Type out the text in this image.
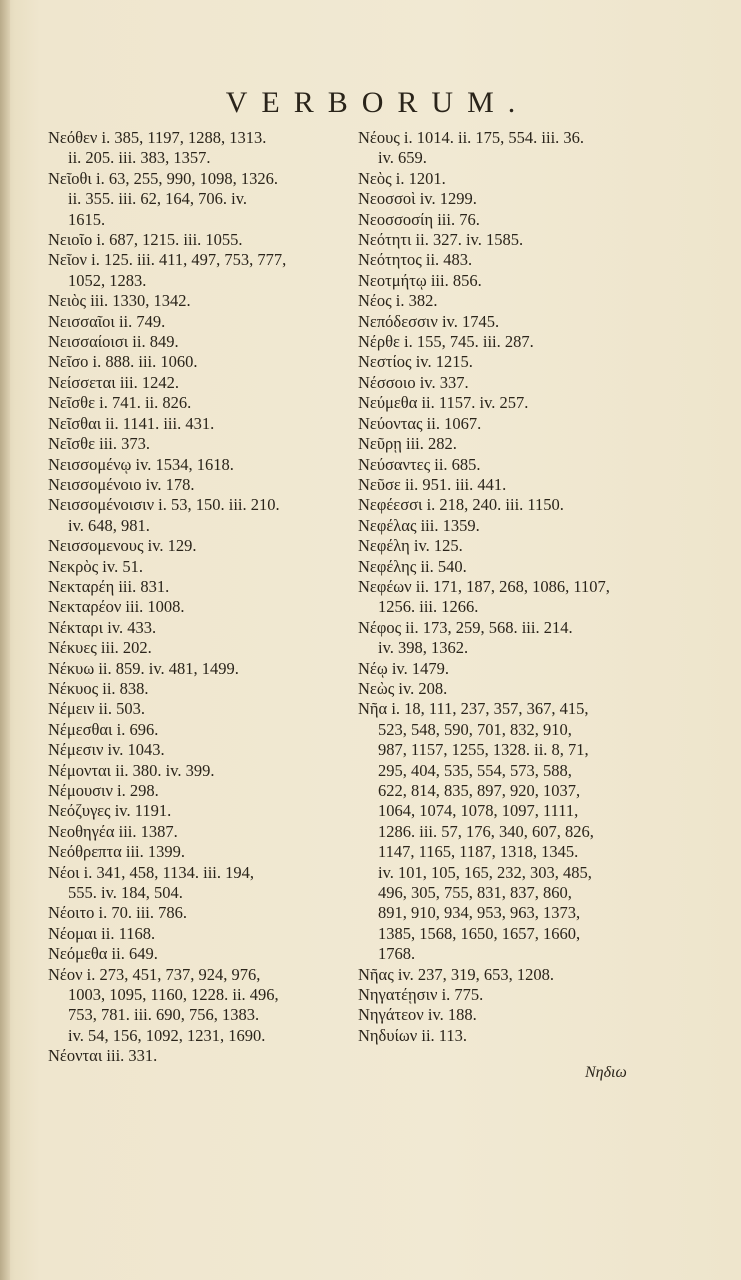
VERBORUM.
Νεόθεν i. 385, 1197, 1288, 1313.
ii. 205. iii. 383, 1357.
Νεῖοθι i. 63, 255, 990, 1098, 1326.
ii. 355. iii. 62, 164, 706. iv.
1615.
Νειοῖο i. 687, 1215. iii. 1055.
Νεῖον i. 125. iii. 411, 497, 753, 777,
1052, 1283.
Νειὸς iii. 1330, 1342.
Νεισσαῖοι ii. 749.
Νεισσαίοισι ii. 849.
Νεῖσο i. 888. iii. 1060.
Νείσσεται iii. 1242.
Νεῖσθε i. 741. ii. 826.
Νεῖσθαι ii. 1141. iii. 431.
Νεῖσθε iii. 373.
Νεισσομένῳ iv. 1534, 1618.
Νεισσομένοιο iv. 178.
Νεισσομένοισιν i. 53, 150. iii. 210.
iv. 648, 981.
Νεισσομενους iv. 129.
Νεκρὸς iv. 51.
Νεκταρέη iii. 831.
Νεκταρέον iii. 1008.
Νέκταρι iv. 433.
Νέκυες iii. 202.
Νέκυω ii. 859. iv. 481, 1499.
Νέκυος ii. 838.
Νέμειν ii. 503.
Νέμεσθαι i. 696.
Νέμεσιν iv. 1043.
Νέμονται ii. 380. iv. 399.
Νέμουσιν i. 298.
Νεόζυγες iv. 1191.
Νεοθηγέα iii. 1387.
Νεόθρεπτα iii. 1399.
Νέοι i. 341, 458, 1134. iii. 194,
555. iv. 184, 504.
Νέοιτο i. 70. iii. 786.
Νέομαι ii. 1168.
Νεόμεθα ii. 649.
Νέον i. 273, 451, 737, 924, 976,
1003, 1095, 1160, 1228. ii. 496,
753, 781. iii. 690, 756, 1383.
iv. 54, 156, 1092, 1231, 1690.
Νέονται iii. 331.
Νέους i. 1014. ii. 175, 554. iii. 36.
iv. 659.
Νεὸς i. 1201.
Νεοσσοὶ iv. 1299.
Νεοσσοσίη iii. 76.
Νεότητι ii. 327. iv. 1585.
Νεότητος ii. 483.
Νεοτμήτῳ iii. 856.
Νέος i. 382.
Νεπόδεσσιν iv. 1745.
Νέρθε i. 155, 745. iii. 287.
Νεστίος iv. 1215.
Νέσσοιο iv. 337.
Νεύμεθα ii. 1157. iv. 257.
Νεύοντας ii. 1067.
Νεῦρῃ iii. 282.
Νεύσαντες ii. 685.
Νεῦσε ii. 951. iii. 441.
Νεφέεσσι i. 218, 240. iii. 1150.
Νεφέλας iii. 1359.
Νεφέλη iv. 125.
Νεφέλης ii. 540.
Νεφέων ii. 171, 187, 268, 1086, 1107,
1256. iii. 1266.
Νέφος ii. 173, 259, 568. iii. 214.
iv. 398, 1362.
Νέῳ iv. 1479.
Νεὼς iv. 208.
Νῆα i. 18, 111, 237, 357, 367, 415,
523, 548, 590, 701, 832, 910,
987, 1157, 1255, 1328. ii. 8, 71,
295, 404, 535, 554, 573, 588,
622, 814, 835, 897, 920, 1037,
1064, 1074, 1078, 1097, 1111,
1286. iii. 57, 176, 340, 607, 826,
1147, 1165, 1187, 1318, 1345.
iv. 101, 105, 165, 232, 303, 485,
496, 305, 755, 831, 837, 860,
891, 910, 934, 953, 963, 1373,
1385, 1568, 1650, 1657, 1660,
1768.
Νῆας iv. 237, 319, 653, 1208.
Νηγατέῃσιν i. 775.
Νηγάτεον iv. 188.
Νηδυίων ii. 113.
Νηδιω
